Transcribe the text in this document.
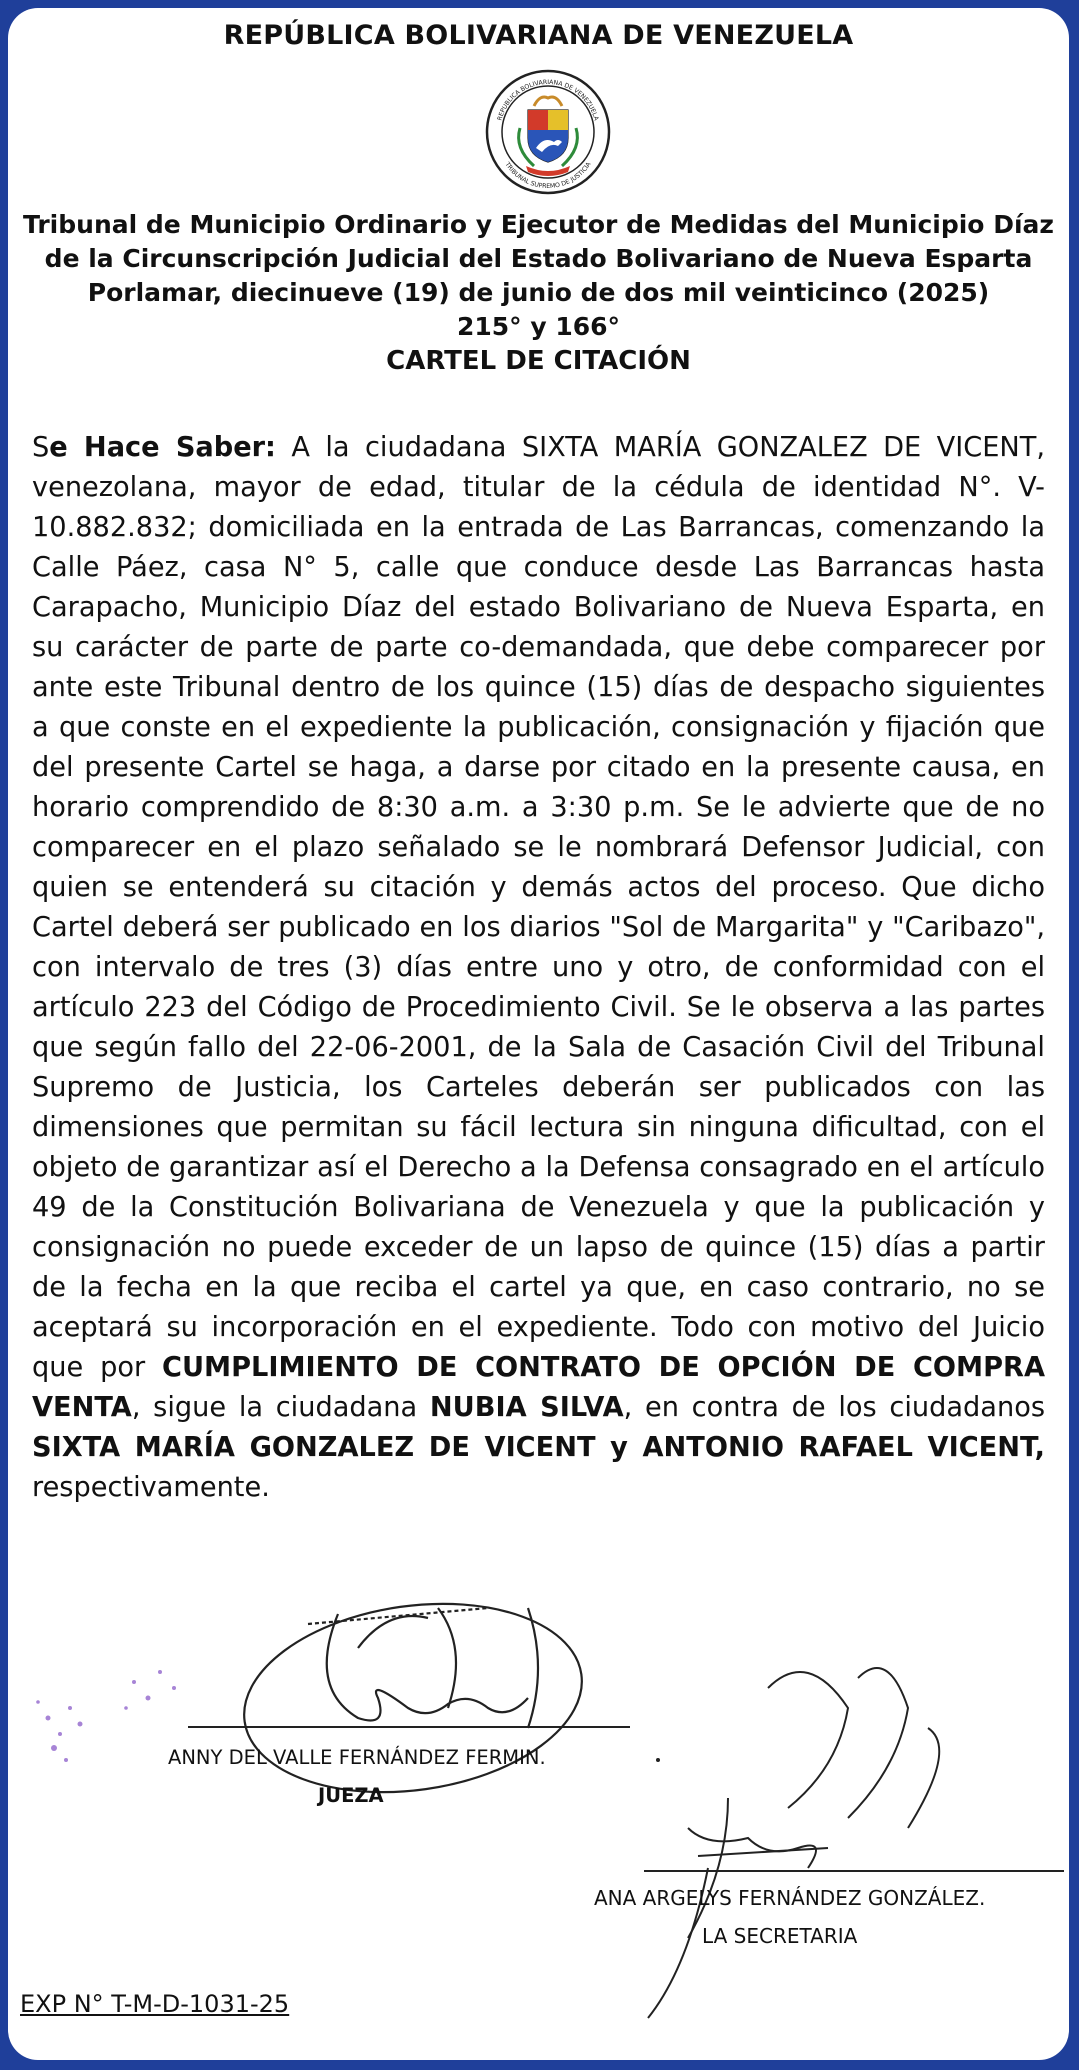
REPÚBLICA BOLIVARIANA DE VENEZUELA
REPUBLICA BOLIVARIANA DE VENEZUELA
TRIBUNAL SUPREMO DE JUSTICIA
Tribunal de Municipio Ordinario y Ejecutor de Medidas del Municipio Díaz
de la Circunscripción Judicial del Estado Bolivariano de Nueva Esparta
Porlamar, diecinueve (19) de junio de dos mil veinticinco (2025)
215° y 166°
CARTEL DE CITACIÓN
Se Hace Saber: A la ciudadana SIXTA MARÍA GONZALEZ DE VICENT, venezolana, mayor de edad, titular de la cédula de identidad N°. V-10.882.832; domiciliada en la entrada de Las Barrancas, comenzando la Calle Páez, casa N° 5, calle que conduce desde Las Barrancas hasta Carapacho, Municipio Díaz del estado Bolivariano de Nueva Esparta, en su carácter de parte de parte co-demandada, que debe comparecer por ante este Tribunal dentro de los quince (15) días de despacho siguientes a que conste en el expediente la publicación, consignación y fijación que del presente Cartel se haga, a darse por citado en la presente causa, en horario comprendido de 8:30 a.m. a 3:30 p.m. Se le advierte que de no comparecer en el plazo señalado se le nombrará Defensor Judicial, con quien se entenderá su citación y demás actos del proceso. Que dicho Cartel deberá ser publicado en los diarios "Sol de Margarita" y "Caribazo", con intervalo de tres (3) días entre uno y otro, de conformidad con el artículo 223 del Código de Procedimiento Civil. Se le observa a las partes que según fallo del 22-06-2001, de la Sala de Casación Civil del Tribunal Supremo de Justicia, los Carteles deberán ser publicados con las dimensiones que permitan su fácil lectura sin ninguna dificultad, con el objeto de garantizar así el Derecho a la Defensa consagrado en el artículo 49 de la Constitución Bolivariana de Venezuela y que la publicación y consignación no puede exceder de un lapso de quince (15) días a partir de la fecha en la que reciba el cartel ya que, en caso contrario, no se aceptará su incorporación en el expediente. Todo con motivo del Juicio que por CUMPLIMIENTO DE CONTRATO DE OPCIÓN DE COMPRA VENTA, sigue la ciudadana NUBIA SILVA, en contra de los ciudadanos SIXTA MARÍA GONZALEZ DE VICENT y ANTONIO RAFAEL VICENT, respectivamente.
ANNY DEL VALLE FERNÁNDEZ FERMIN.
JUEZA
ANA ARGELYS FERNÁNDEZ GONZÁLEZ.
LA SECRETARIA
EXP N° T-M-D-1031-25
